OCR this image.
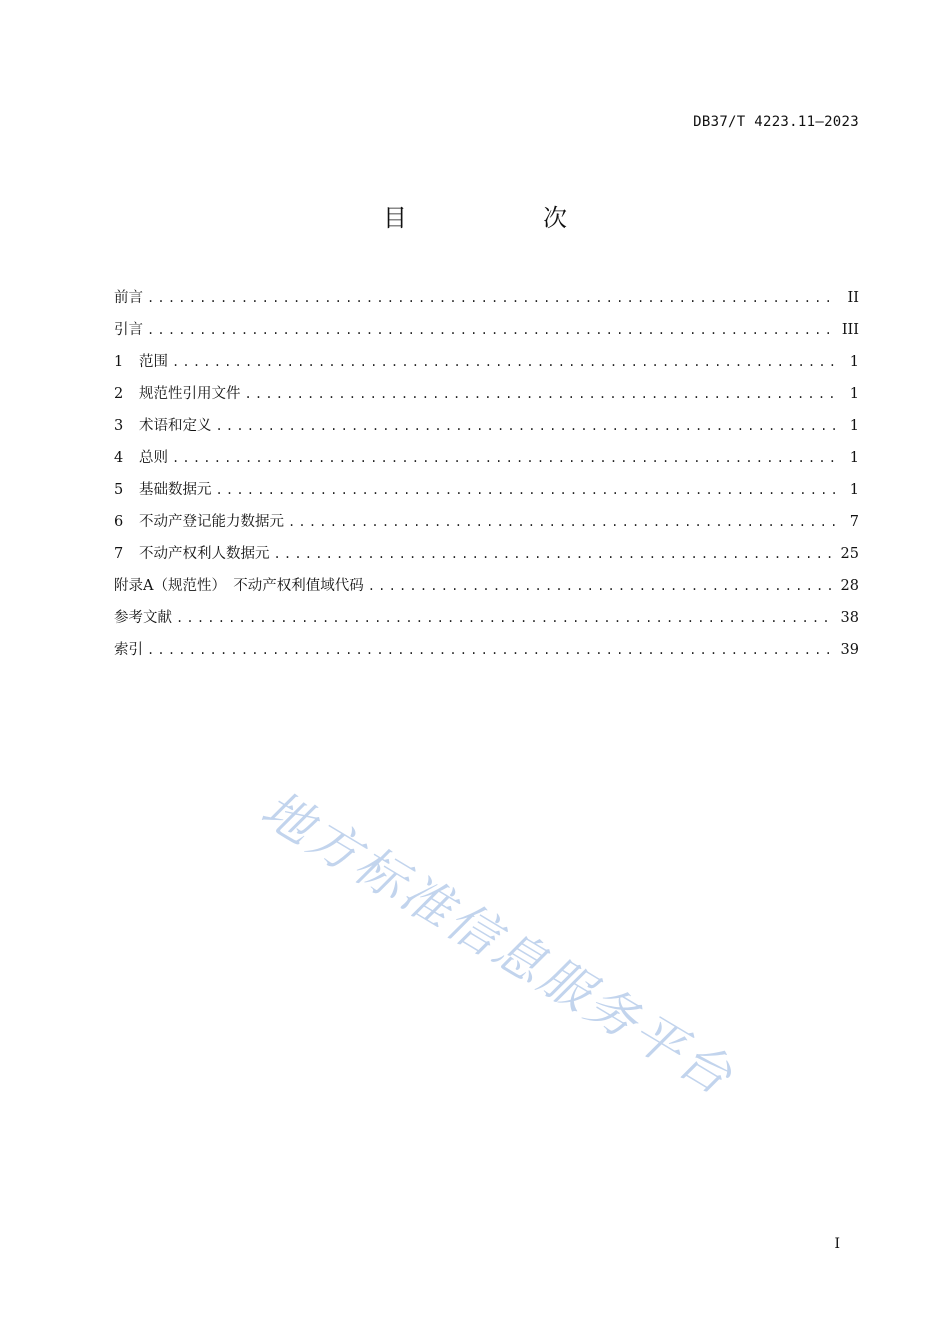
DB37/T 4223.11—2023
目　次
前言 .....	II
引言 .....	III
1	范围 .....	1
2	规范性引用文件 .....	1
3	术语和定义 .....	1
4	总则 .....	1
5	基础数据元 .....	1
6	不动产登记能力数据元 .....	7
7	不动产权利人数据元 .....	25
附录A（规范性）　不动产权利值域代码 .....	28
参考文献 .....	38
索引 .....	39
地方标准信息服务平台
I
